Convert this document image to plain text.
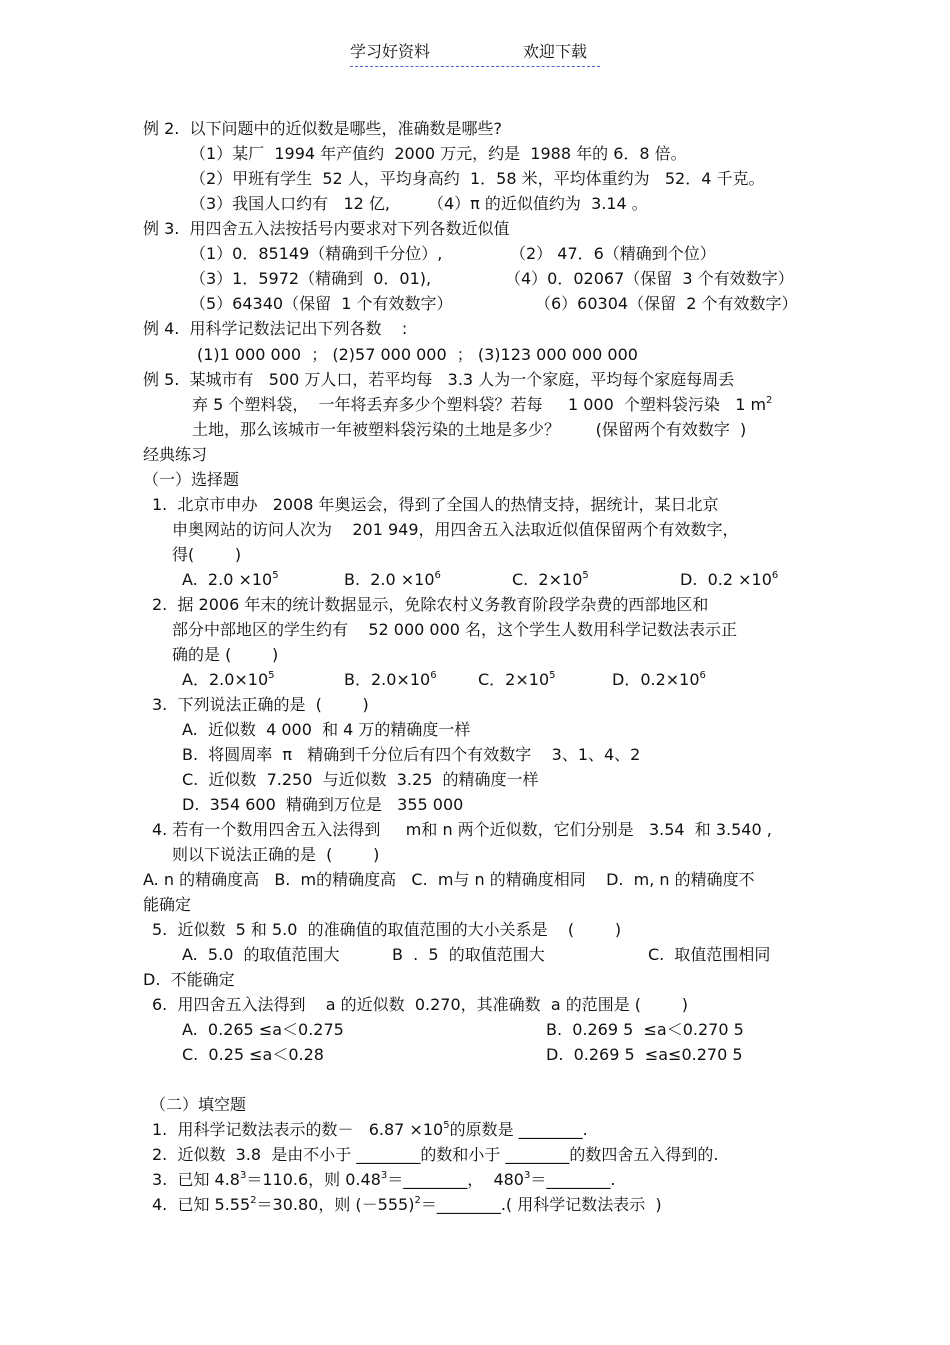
学习好资料	欢迎下载
例 2.  以下问题中的近似数是哪些，准确数是哪些?
（1）某厂  1994 年产值约  2000 万元，约是  1988 年的 6．8 倍。
（2）甲班有学生  52 人，平均身高约  1．58 米，平均体重约为   52．4 千克。
（3）我国人口约有   12 亿, （4）π 的近似值约为  3.14 。
例 3.  用四舍五入法按括号内要求对下列各数近似值
（1）0．85149（精确到千分位）,	（2） 47．6（精确到个位）
（3）1．5972（精确到  0．01),	（4）0．02067（保留  3 个有效数字）
（5）64340（保留  1 个有效数字）	（6）60304（保留  2 个有效数字）
例 4.  用科学记数法记出下列各数    :
(1)1 000 000  ； (2)57 000 000  ； (3)123 000 000 000
例 5.  某城市有   500 万人口，若平均每   3.3 人为一个家庭，平均每个家庭每周丢
弃 5 个塑料袋，  一年将丢弃多少个塑料袋？若每     1 000  个塑料袋污染   1 $m^2$
土地，那么该城市一年被塑料袋污染的土地是多少？       (保留两个有效数字  )
经典练习
（一）选择题
1.  北京市申办   2008 年奥运会，得到了全国人的热情支持，据统计，某日北京
申奥网站的访问人次为    201 949，用四舍五入法取近似值保留两个有效数字，
得(        )
A.  $2.0 \times 10^5$	B.  $2.0 \times 10^6$	C.  $2\times 10^5$	D.  $0.2 \times 10^6$
2.  据 2006 年末的统计数据显示，免除农村义务教育阶段学杂费的西部地区和
部分中部地区的学生约有    52 000 000 名，这个学生人数用科学记数法表示正
确的是 (        )
A．$2.0\times 10^5$	B．$2.0\times 10^6$	C．$2\times 10^5$	D．$0.2\times 10^6$
3.  下列说法正确的是  (        )
A.  近似数  4 000  和 4 万的精确度一样
B.  将圆周率  π   精确到千分位后有四个有效数字    3、1、4、2
C.  近似数  7.250  与近似数  3.25  的精确度一样
D.  354 600  精确到万位是   355 000
4. 若有一个数用四舍五入法得到     m和 n 两个近似数，它们分别是   3.54  和 3.540 ,
则以下说法正确的是  (        )
A. n 的精确度高   B.  m的精确度高   C.  m与 n 的精确度相同    D.  m, n 的精确度不
能确定
5.  近似数  5 和 5.0  的准确值的取值范围的大小关系是    (        )
A.  5.0  的取值范围大	B  .  5  的取值范围大	C.  取值范围相同
D.  不能确定
6.  用四舍五入法得到    a 的近似数  0.270，其准确数  a 的范围是 (        )
A.  0.265 ≤a＜0.275	B.  0.269 5  ≤a＜0.270 5
C.  0.25 ≤a＜0.28	D.  0.269 5  ≤a≤0.270 5
（二）填空题
1.  用科学记数法表示的数－   $6.87 \times 10^5$的原数是 ________.
2.  近似数  3.8  是由不小于 ________的数和小于 ________的数四舍五入得到的.
3.  已知 $4.8^3=110.6$，则 $0.48^3=\_\_\_\_\_\_\_\_$，  $480^3=\_\_\_\_\_\_\_\_$.
4.  已知 $5.55^2=30.80$，则 $(-555)^2=\_\_\_\_\_\_\_\_$.( 用科学记数法表示  )
